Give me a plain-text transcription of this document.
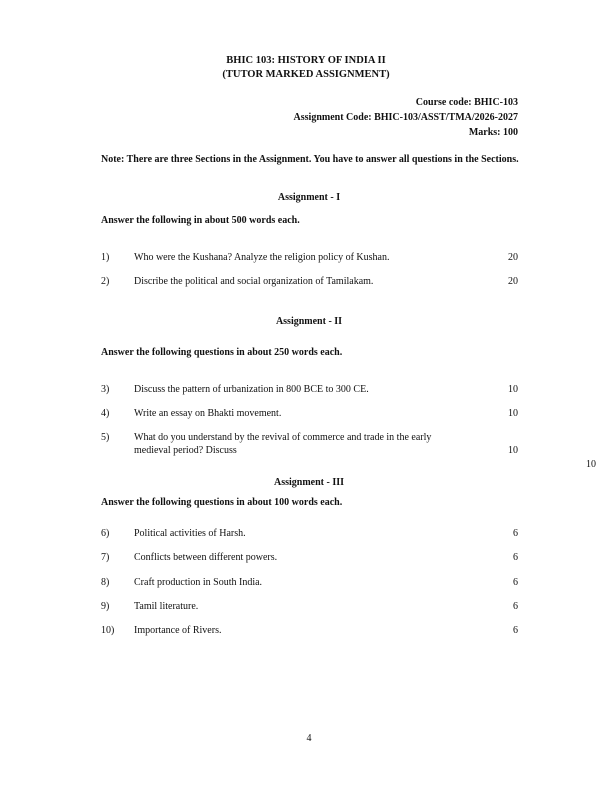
BHIC 103: HISTORY OF INDIA II
(TUTOR MARKED ASSIGNMENT)
Course code: BHIC-103
Assignment Code: BHIC-103/ASST/TMA/2026-2027
Marks: 100
Note: There are three Sections in the Assignment. You have to answer all questions in the Sections.
Assignment - I
Answer the following in about 500 words each.
1) Who were the Kushana? Analyze the religion policy of Kushan.	20
2) Discribe the political and social organization of Tamilakam.	20
Assignment - II
Answer the following questions in about 250 words each.
3) Discuss the pattern of urbanization in 800 BCE to 300 CE.	10
4) Write an essay on Bhakti movement.	10
5) What do you understand by the revival of commerce and trade in the early
medieval period? Discuss	10
10
Assignment - III
Answer the following questions in about 100 words each.
6) Political activities of Harsh.	6
7) Conflicts between different powers.	6
8) Craft production in South India.	6
9) Tamil literature.	6
10) Importance of Rivers.	6
4
